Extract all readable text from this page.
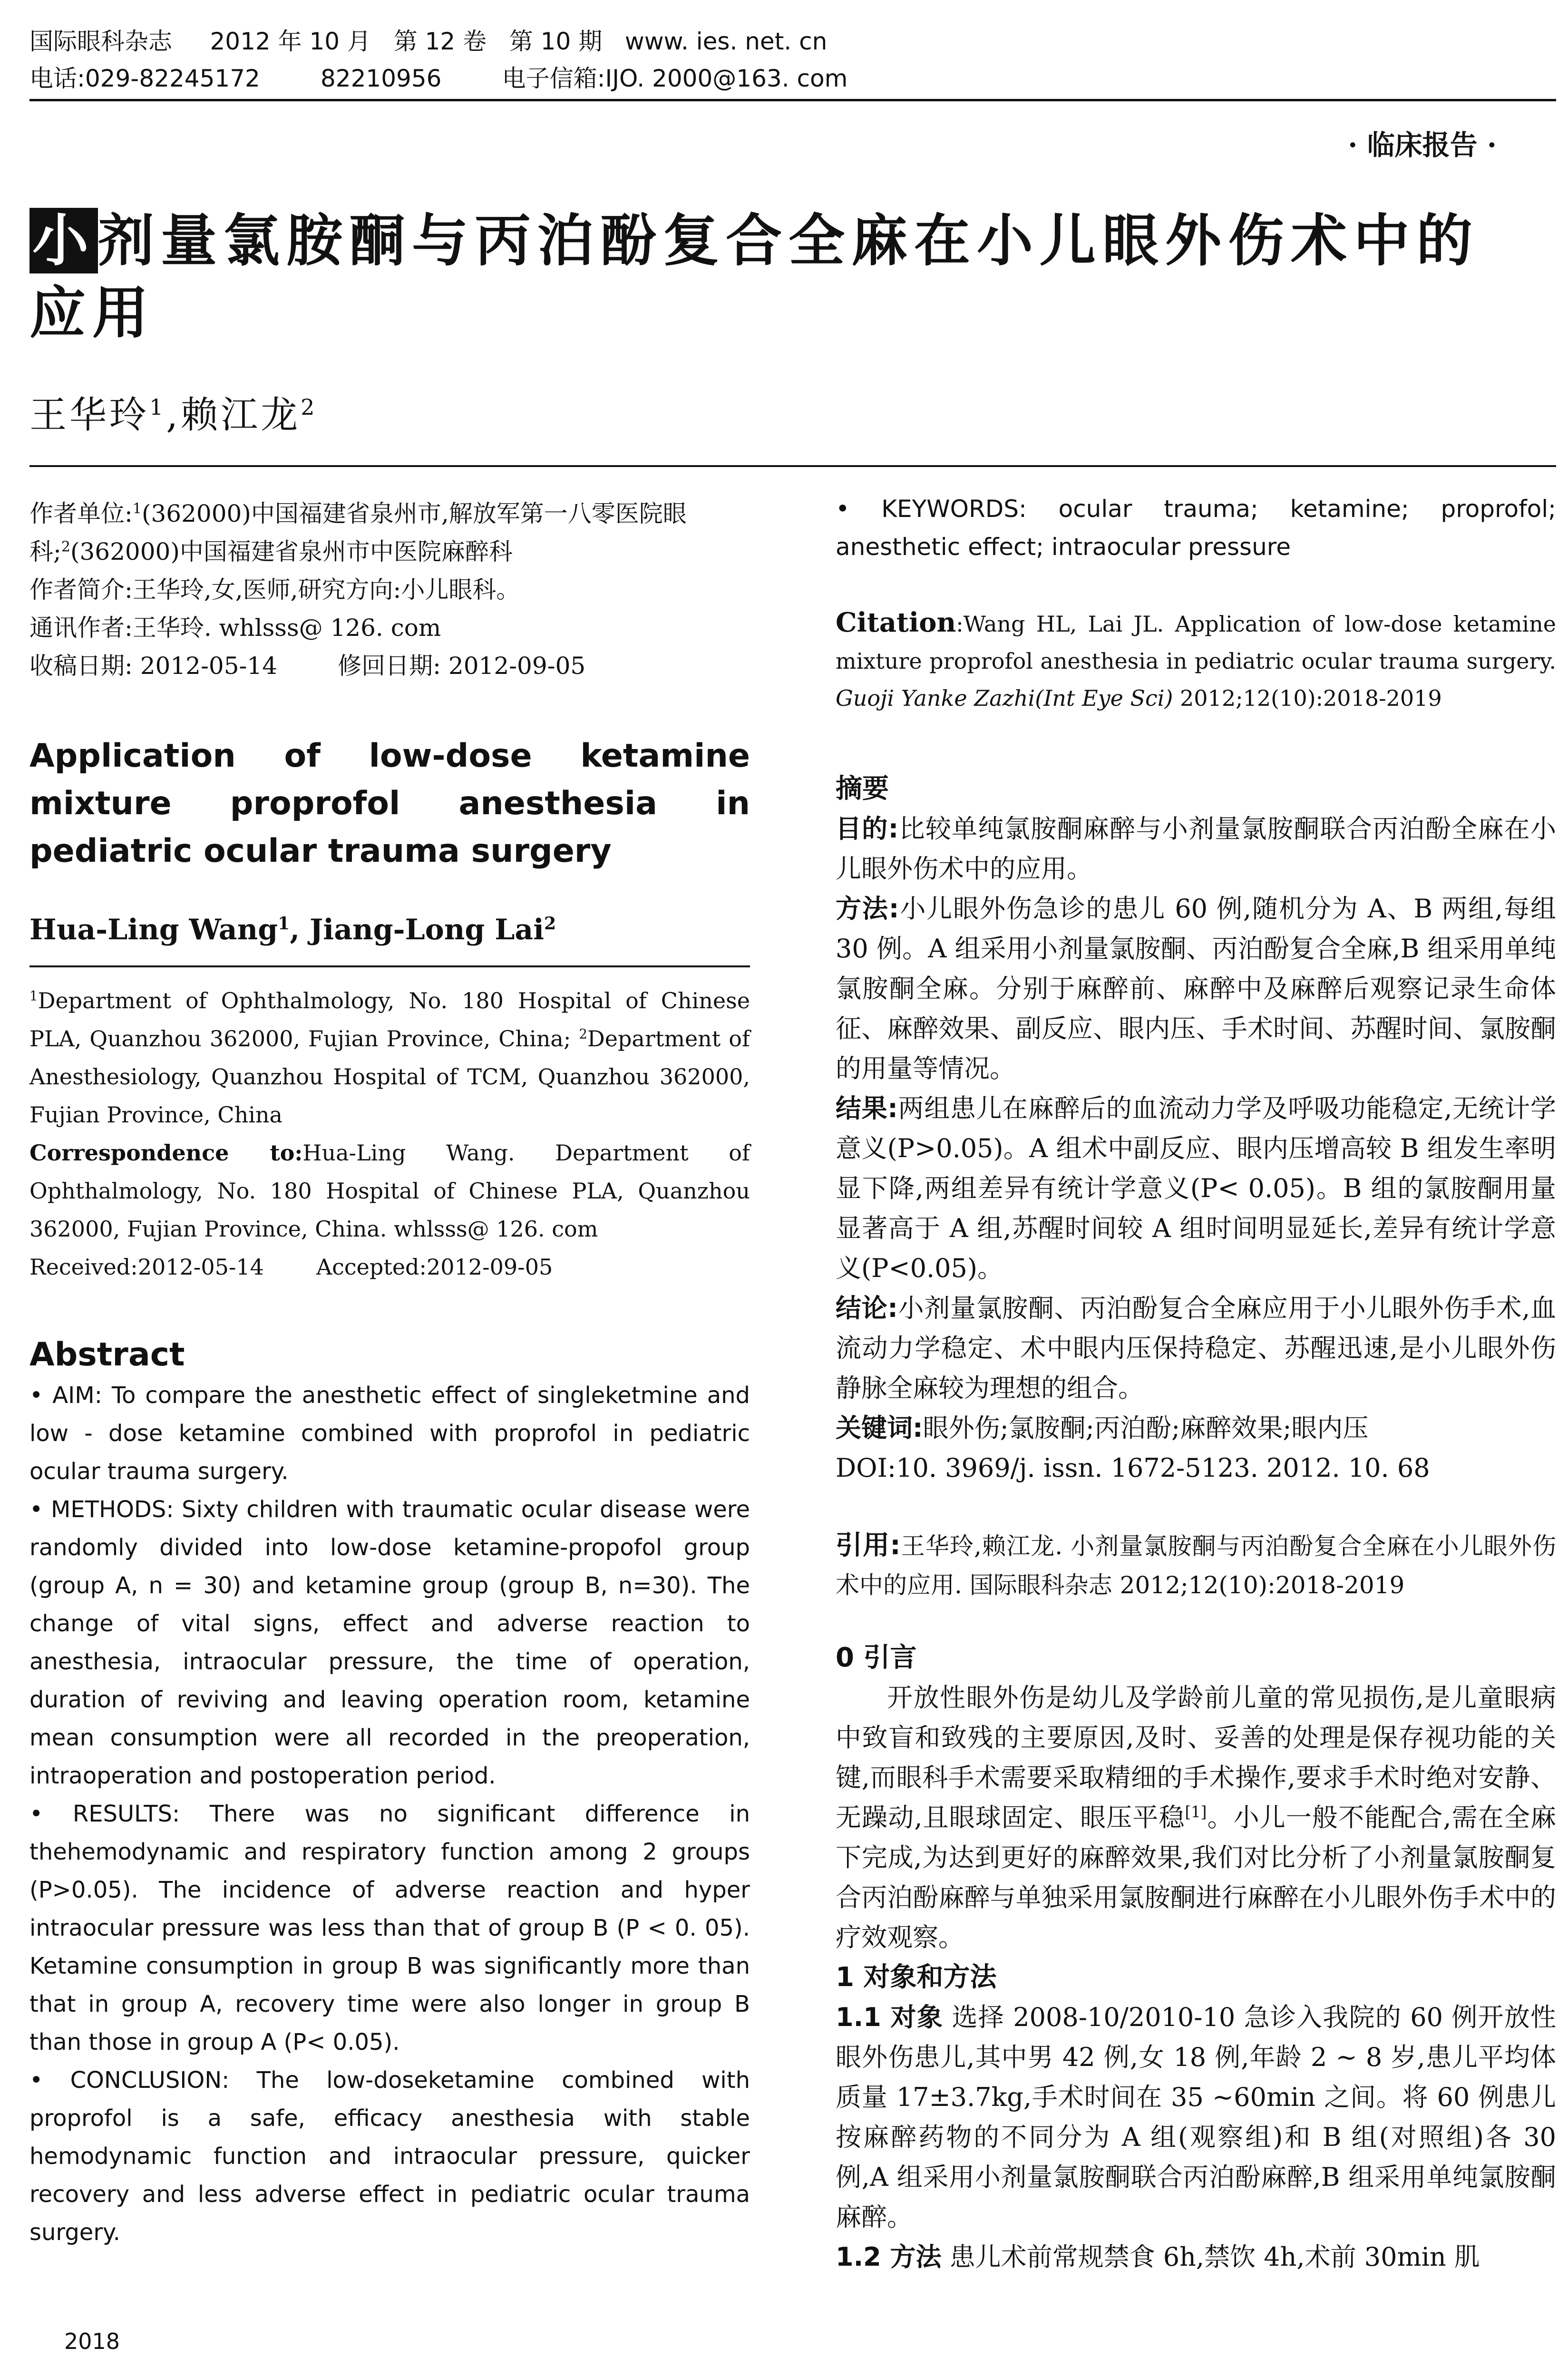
国际眼科杂志     2012 年 10 月   第 12 卷   第 10 期   www. ies. net. cn
电话:029-82245172        82210956        电子信箱:IJO. 2000@163. com
· 临床报告 ·
小剂量氯胺酮与丙泊酚复合全麻在小儿眼外伤术中的应用
王华玲$^1$,赖江龙$^2$

作者单位:$^1$(362000)中国福建省泉州市,解放军第一八零医院眼科;$^2$(362000)中国福建省泉州市中医院麻醉科

作者简介:王华玲,女,医师,研究方向:小儿眼科。

通讯作者:王华玲. whlsss@ 126. com

收稿日期: 2012-05-14        修回日期: 2012-09-05

Application of low-dose ketamine mixture proprofol anesthesia in pediatric ocular trauma surgery
Hua-Ling Wang$^1$, Jiang-Long Lai$^2$

$^1$Department of Ophthalmology, No. 180 Hospital of Chinese PLA, Quanzhou 362000, Fujian Province, China; $^2$Department of Anesthesiology, Quanzhou Hospital of TCM, Quanzhou 362000, Fujian Province, China

Correspondence to:Hua-Ling Wang. Department of Ophthalmology, No. 180 Hospital of Chinese PLA, Quanzhou 362000, Fujian Province, China. whlsss@ 126. com

Received:2012-05-14 Accepted:2012-09-05

Abstract

• AIM: To compare the anesthetic effect of singleketmine and low - dose ketamine combined with proprofol in pediatric ocular trauma surgery.

• METHODS: Sixty children with traumatic ocular disease were randomly divided into low-dose ketamine-propofol group (group A, n = 30) and ketamine group (group B, n=30). The change of vital signs, effect and adverse reaction to anesthesia, intraocular pressure, the time of operation, duration of reviving and leaving operation room, ketamine mean consumption were all recorded in the preoperation, intraoperation and postoperation period.

• RESULTS: There was no significant difference in thehemodynamic and respiratory function among 2 groups (P>0.05). The incidence of adverse reaction and hyper intraocular pressure was less than that of group B (P < 0. 05). Ketamine consumption in group B was significantly more than that in group A, recovery time were also longer in group B than those in group A (P< 0.05).

• CONCLUSION: The low-doseketamine combined with proprofol is a safe, efficacy anesthesia with stable hemodynamic function and intraocular pressure, quicker recovery and less adverse effect in pediatric ocular trauma surgery.

• KEYWORDS: ocular trauma; ketamine; proprofol; anesthetic effect; intraocular pressure

Citation:Wang HL, Lai JL. Application of low-dose ketamine mixture proprofol anesthesia in pediatric ocular trauma surgery. Guoji Yanke Zazhi(Int Eye Sci) 2012;12(10):2018-2019

摘要

目的:比较单纯氯胺酮麻醉与小剂量氯胺酮联合丙泊酚全麻在小儿眼外伤术中的应用。

方法:小儿眼外伤急诊的患儿 60 例,随机分为 A、B 两组,每组 30 例。A 组采用小剂量氯胺酮、丙泊酚复合全麻,B 组采用单纯氯胺酮全麻。分别于麻醉前、麻醉中及麻醉后观察记录生命体征、麻醉效果、副反应、眼内压、手术时间、苏醒时间、氯胺酮的用量等情况。

结果:两组患儿在麻醉后的血流动力学及呼吸功能稳定,无统计学意义(P>0.05)。A 组术中副反应、眼内压增高较 B 组发生率明显下降,两组差异有统计学意义(P< 0.05)。B 组的氯胺酮用量显著高于 A 组,苏醒时间较 A 组时间明显延长,差异有统计学意义(P<0.05)。

结论:小剂量氯胺酮、丙泊酚复合全麻应用于小儿眼外伤手术,血流动力学稳定、术中眼内压保持稳定、苏醒迅速,是小儿眼外伤静脉全麻较为理想的组合。

关键词:眼外伤;氯胺酮;丙泊酚;麻醉效果;眼内压

DOI:10. 3969/j. issn. 1672-5123. 2012. 10. 68

引用:王华玲,赖江龙. 小剂量氯胺酮与丙泊酚复合全麻在小儿眼外伤术中的应用. 国际眼科杂志 2012;12(10):2018-2019

0 引言

开放性眼外伤是幼儿及学龄前儿童的常见损伤,是儿童眼病中致盲和致残的主要原因,及时、妥善的处理是保存视功能的关键,而眼科手术需要采取精细的手术操作,要求手术时绝对安静、无躁动,且眼球固定、眼压平稳[1]。小儿一般不能配合,需在全麻下完成,为达到更好的麻醉效果,我们对比分析了小剂量氯胺酮复合丙泊酚麻醉与单独采用氯胺酮进行麻醉在小儿眼外伤手术中的疗效观察。

1 对象和方法

1.1 对象 选择 2008-10/2010-10 急诊入我院的 60 例开放性眼外伤患儿,其中男 42 例,女 18 例,年龄 2 ~ 8 岁,患儿平均体质量 17±3.7kg,手术时间在 35 ~60min 之间。将 60 例患儿按麻醉药物的不同分为 A 组(观察组)和 B 组(对照组)各 30 例,A 组采用小剂量氯胺酮联合丙泊酚麻醉,B 组采用单纯氯胺酮麻醉。

1.2 方法 患儿术前常规禁食 6h,禁饮 4h,术前 30min 肌

2018
